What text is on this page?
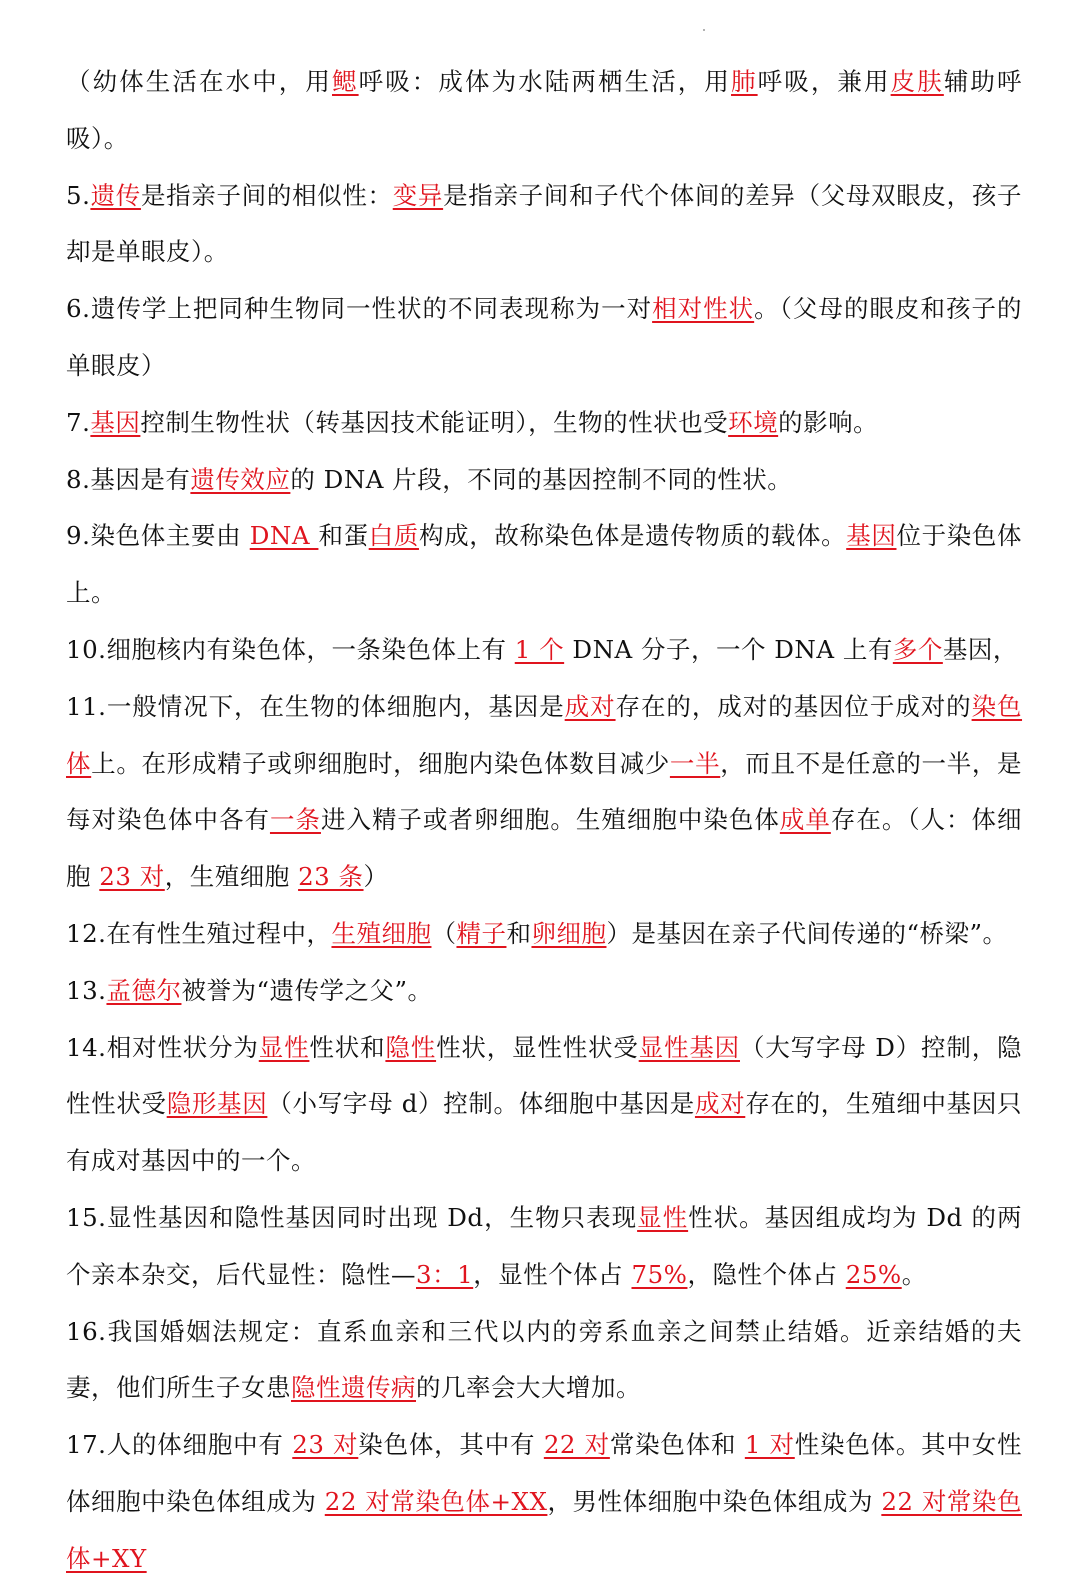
（幼体生活在水中，用鳃呼吸：成体为水陆两栖生活，用肺呼吸，兼用皮肤辅助呼吸）。

5.遗传是指亲子间的相似性：变异是指亲子间和子代个体间的差异（父母双眼皮，孩子却是单眼皮）。

6.遗传学上把同种生物同一性状的不同表现称为一对相对性状。（父母的眼皮和孩子的单眼皮）

7.基因控制生物性状（转基因技术能证明），生物的性状也受环境的影响。

8.基因是有遗传效应的 DNA 片段，不同的基因控制不同的性状。

9.染色体主要由 DNA 和蛋白质构成，故称染色体是遗传物质的载体。基因位于染色体上。

10.细胞核内有染色体，一条染色体上有 1 个 DNA 分子，一个 DNA 上有多个基因，

11.一般情况下，在生物的体细胞内，基因是成对存在的，成对的基因位于成对的染色体上。在形成精子或卵细胞时，细胞内染色体数目减少一半，而且不是任意的一半，是每对染色体中各有一条进入精子或者卵细胞。生殖细胞中染色体成单存在。（人：体细胞 23 对，生殖细胞 23 条）

12.在有性生殖过程中，生殖细胞（精子和卵细胞）是基因在亲子代间传递的“桥梁”。

13.孟德尔被誉为“遗传学之父”。

14.相对性状分为显性性状和隐性性状，显性性状受显性基因（大写字母 D）控制，隐性性状受隐形基因（小写字母 d）控制。体细胞中基因是成对存在的，生殖细中基因只有成对基因中的一个。

15.显性基因和隐性基因同时出现 Dd，生物只表现显性性状。基因组成均为 Dd 的两个亲本杂交，后代显性：隐性—3：1，显性个体占 75%，隐性个体占 25%。

16.我国婚姻法规定：直系血亲和三代以内的旁系血亲之间禁止结婚。近亲结婚的夫妻，他们所生子女患隐性遗传病的几率会大大增加。

17.人的体细胞中有 23 对染色体，其中有 22 对常染色体和 1 对性染色体。其中女性体细胞中染色体组成为 22 对常染色体+XX，男性体细胞中染色体组成为 22 对常染色体+XY
